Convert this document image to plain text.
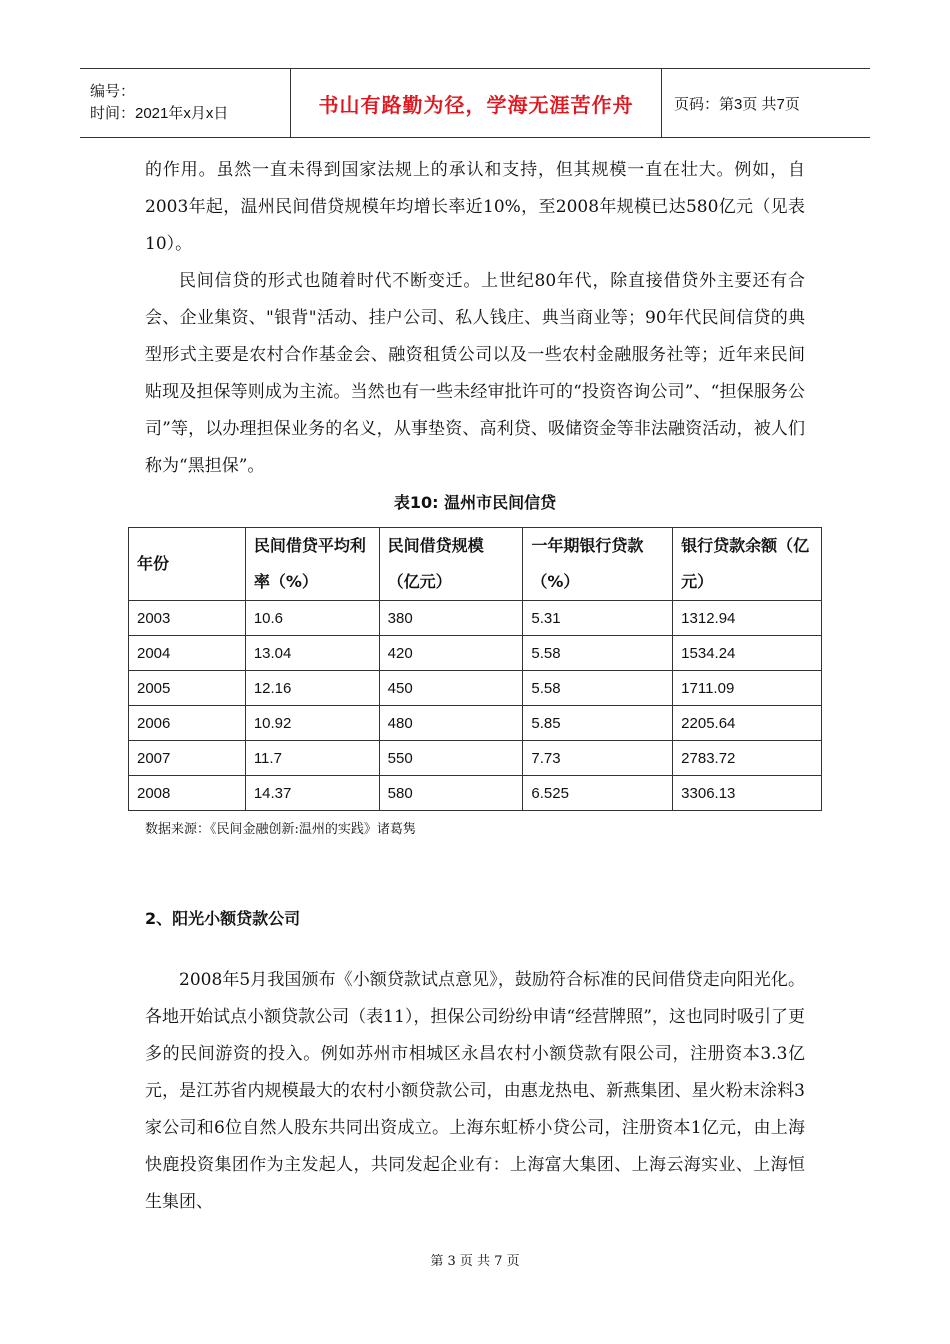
编号：
时间：2021年x月x日	书山有路勤为径，学海无涯苦作舟	页码：第3页 共7页

的作用。虽然一直未得到国家法规上的承认和支持，但其规模一直在壮大。例如，自2003年起，温州民间借贷规模年均增长率近10%，至2008年规模已达580亿元（见表10）。

民间信贷的形式也随着时代不断变迁。上世纪80年代，除直接借贷外主要还有合会、企业集资、"银背"活动、挂户公司、私人钱庄、典当商业等；90年代民间信贷的典型形式主要是农村合作基金会、融资租赁公司以及一些农村金融服务社等；近年来民间贴现及担保等则成为主流。当然也有一些未经审批许可的“投资咨询公司”、“担保服务公司”等，以办理担保业务的名义，从事垫资、高利贷、吸储资金等非法融资活动，被人们称为“黑担保”。

表10: 温州市民间信贷
年份	民间借贷平均利率（%）	民间借贷规模（亿元）	一年期银行贷款（%）	银行贷款余额（亿元）
2003	10.6	380	5.31	1312.94
2004	13.04	420	5.58	1534.24
2005	12.16	450	5.58	1711.09
2006	10.92	480	5.85	2205.64
2007	11.7	550	7.73	2783.72
2008	14.37	580	6.525	3306.13
数据来源：《民间金融创新:温州的实践》诸葛隽
2、阳光小额贷款公司

2008年5月我国颁布《小额贷款试点意见》，鼓励符合标准的民间借贷走向阳光化。各地开始试点小额贷款公司（表11），担保公司纷纷申请“经营牌照”，这也同时吸引了更多的民间游资的投入。例如苏州市相城区永昌农村小额贷款有限公司，注册资本3.3亿元，是江苏省内规模最大的农村小额贷款公司，由惠龙热电、新燕集团、星火粉末涂料3家公司和6位自然人股东共同出资成立。上海东虹桥小贷公司，注册资本1亿元，由上海快鹿投资集团作为主发起人，共同发起企业有：上海富大集团、上海云海实业、上海恒生集团、

第 3 页 共 7 页
